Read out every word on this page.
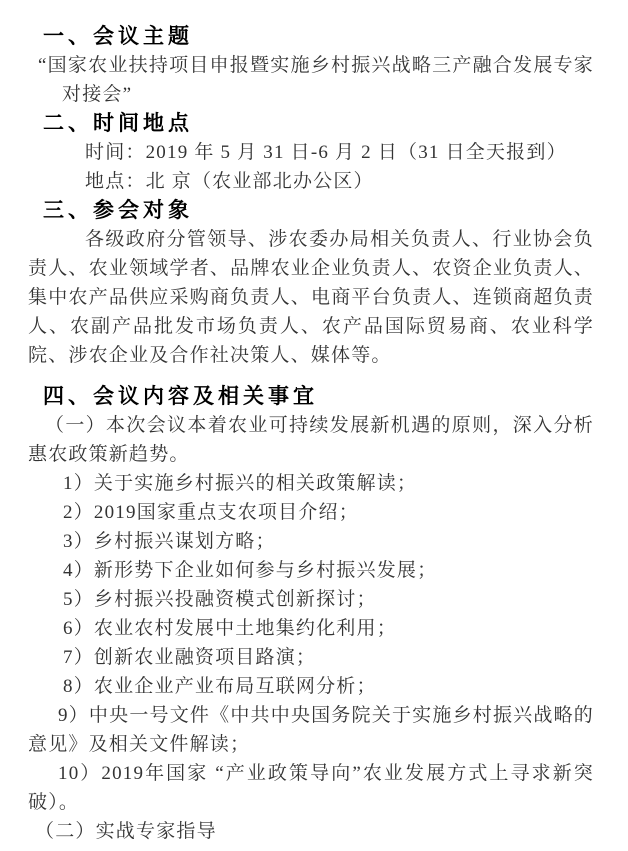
一、会议主题

“国家农业扶持项目申报暨实施乡村振兴战略三产融合发展专家对接会”

二、时间地点

时间：2019 年 5 月 31 日-6 月 2 日（31 日全天报到）

地点：北 京（农业部北办公区）

三、参会对象

各级政府分管领导、涉农委办局相关负责人、行业协会负责人、农业领域学者、品牌农业企业负责人、农资企业负责人、集中农产品供应采购商负责人、电商平台负责人、连锁商超负责人、农副产品批发市场负责人、农产品国际贸易商、农业科学院、涉农企业及合作社决策人、媒体等。

四、会议内容及相关事宜

（一）本次会议本着农业可持续发展新机遇的原则，深入分析惠农政策新趋势。

1）关于实施乡村振兴的相关政策解读；

2）2019国家重点支农项目介绍；

3）乡村振兴谋划方略；

4）新形势下企业如何参与乡村振兴发展；

5）乡村振兴投融资模式创新探讨；

6）农业农村发展中土地集约化利用；

7）创新农业融资项目路演；

8）农业企业产业布局互联网分析；

9）中央一号文件《中共中央国务院关于实施乡村振兴战略的意见》及相关文件解读；

10）2019年国家 “产业政策导向”农业发展方式上寻求新突破）。

（二）实战专家指导
